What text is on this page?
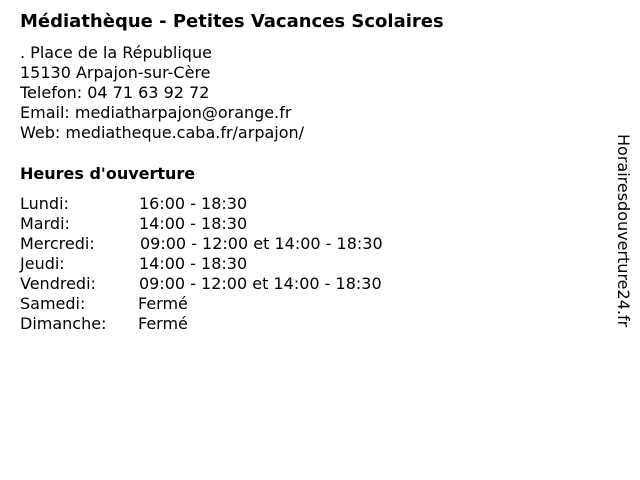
Médiathèque - Petites Vacances Scolaires
. Place de la République
15130 Arpajon-sur-Cère
Telefon: 04 71 63 92 72
Email: mediatharpajon@orange.fr
Web: mediatheque.caba.fr/arpajon/
Heures d'ouverture
Lundi:	16:00 - 18:30
Mardi:	14:00 - 18:30
Mercredi:	09:00 - 12:00 et 14:00 - 18:30
Jeudi:	14:00 - 18:30
Vendredi:	09:00 - 12:00 et 14:00 - 18:30
Samedi:	Fermé
Dimanche: Fermé	Horairesdouverture24.fr
